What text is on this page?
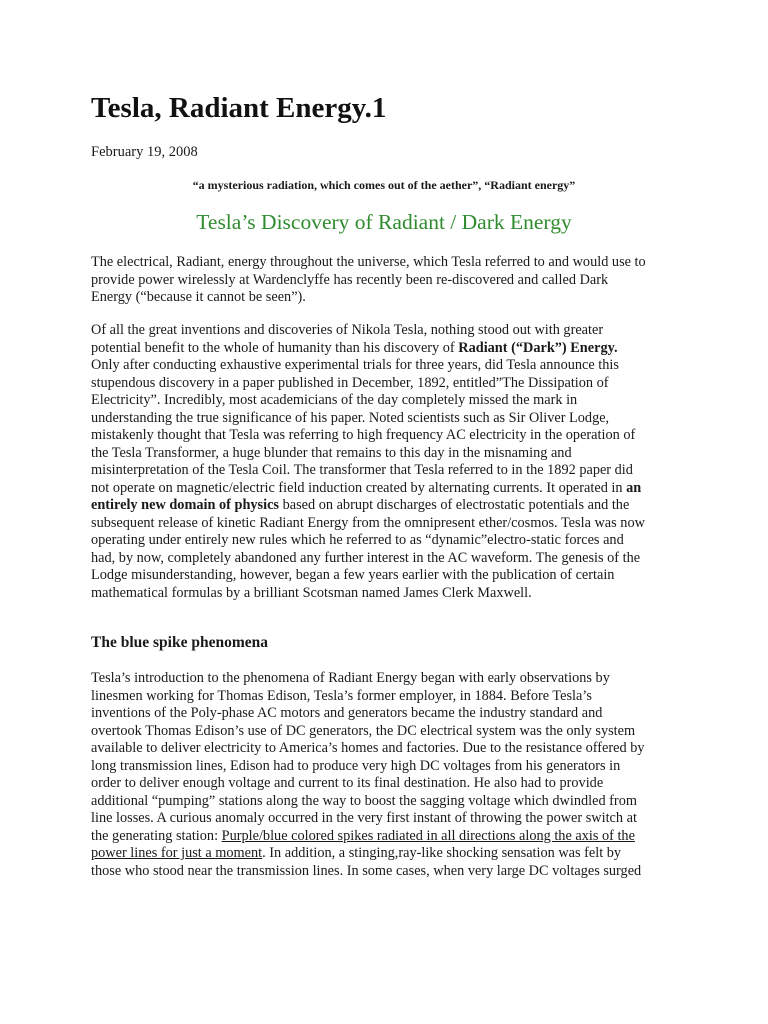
Tesla, Radiant Energy.1
February 19, 2008
“a mysterious radiation, which comes out of the aether”, “Radiant energy”
Tesla’s Discovery of Radiant / Dark Energy
The electrical, Radiant, energy throughout the universe, which Tesla referred to and would use to
provide power wirelessly at Wardenclyffe has recently been re-discovered and called Dark
Energy (“because it cannot be seen”).
Of all the great inventions and discoveries of Nikola Tesla, nothing stood out with greater
potential benefit to the whole of humanity than his discovery of Radiant (“Dark”) Energy.
Only after conducting exhaustive experimental trials for three years, did Tesla announce this
stupendous discovery in a paper published in December, 1892, entitled”The Dissipation of
Electricity”. Incredibly, most academicians of the day completely missed the mark in
understanding the true significance of his paper. Noted scientists such as Sir Oliver Lodge,
mistakenly thought that Tesla was referring to high frequency AC electricity in the operation of
the Tesla Transformer, a huge blunder that remains to this day in the misnaming and
misinterpretation of the Tesla Coil. The transformer that Tesla referred to in the 1892 paper did
not operate on magnetic/electric field induction created by alternating currents. It operated in an
entirely new domain of physics based on abrupt discharges of electrostatic potentials and the
subsequent release of kinetic Radiant Energy from the omnipresent ether/cosmos. Tesla was now
operating under entirely new rules which he referred to as “dynamic”electro-static forces and
had, by now, completely abandoned any further interest in the AC waveform. The genesis of the
Lodge misunderstanding, however, began a few years earlier with the publication of certain
mathematical formulas by a brilliant Scotsman named James Clerk Maxwell.
The blue spike phenomena
Tesla’s introduction to the phenomena of Radiant Energy began with early observations by
linesmen working for Thomas Edison, Tesla’s former employer, in 1884. Before Tesla’s
inventions of the Poly-phase AC motors and generators became the industry standard and
overtook Thomas Edison’s use of DC generators, the DC electrical system was the only system
available to deliver electricity to America’s homes and factories. Due to the resistance offered by
long transmission lines, Edison had to produce very high DC voltages from his generators in
order to deliver enough voltage and current to its final destination. He also had to provide
additional “pumping” stations along the way to boost the sagging voltage which dwindled from
line losses. A curious anomaly occurred in the very first instant of throwing the power switch at
the generating station: Purple/blue colored spikes radiated in all directions along the axis of the
power lines for just a moment. In addition, a stinging,ray-like shocking sensation was felt by
those who stood near the transmission lines. In some cases, when very large DC voltages surged
